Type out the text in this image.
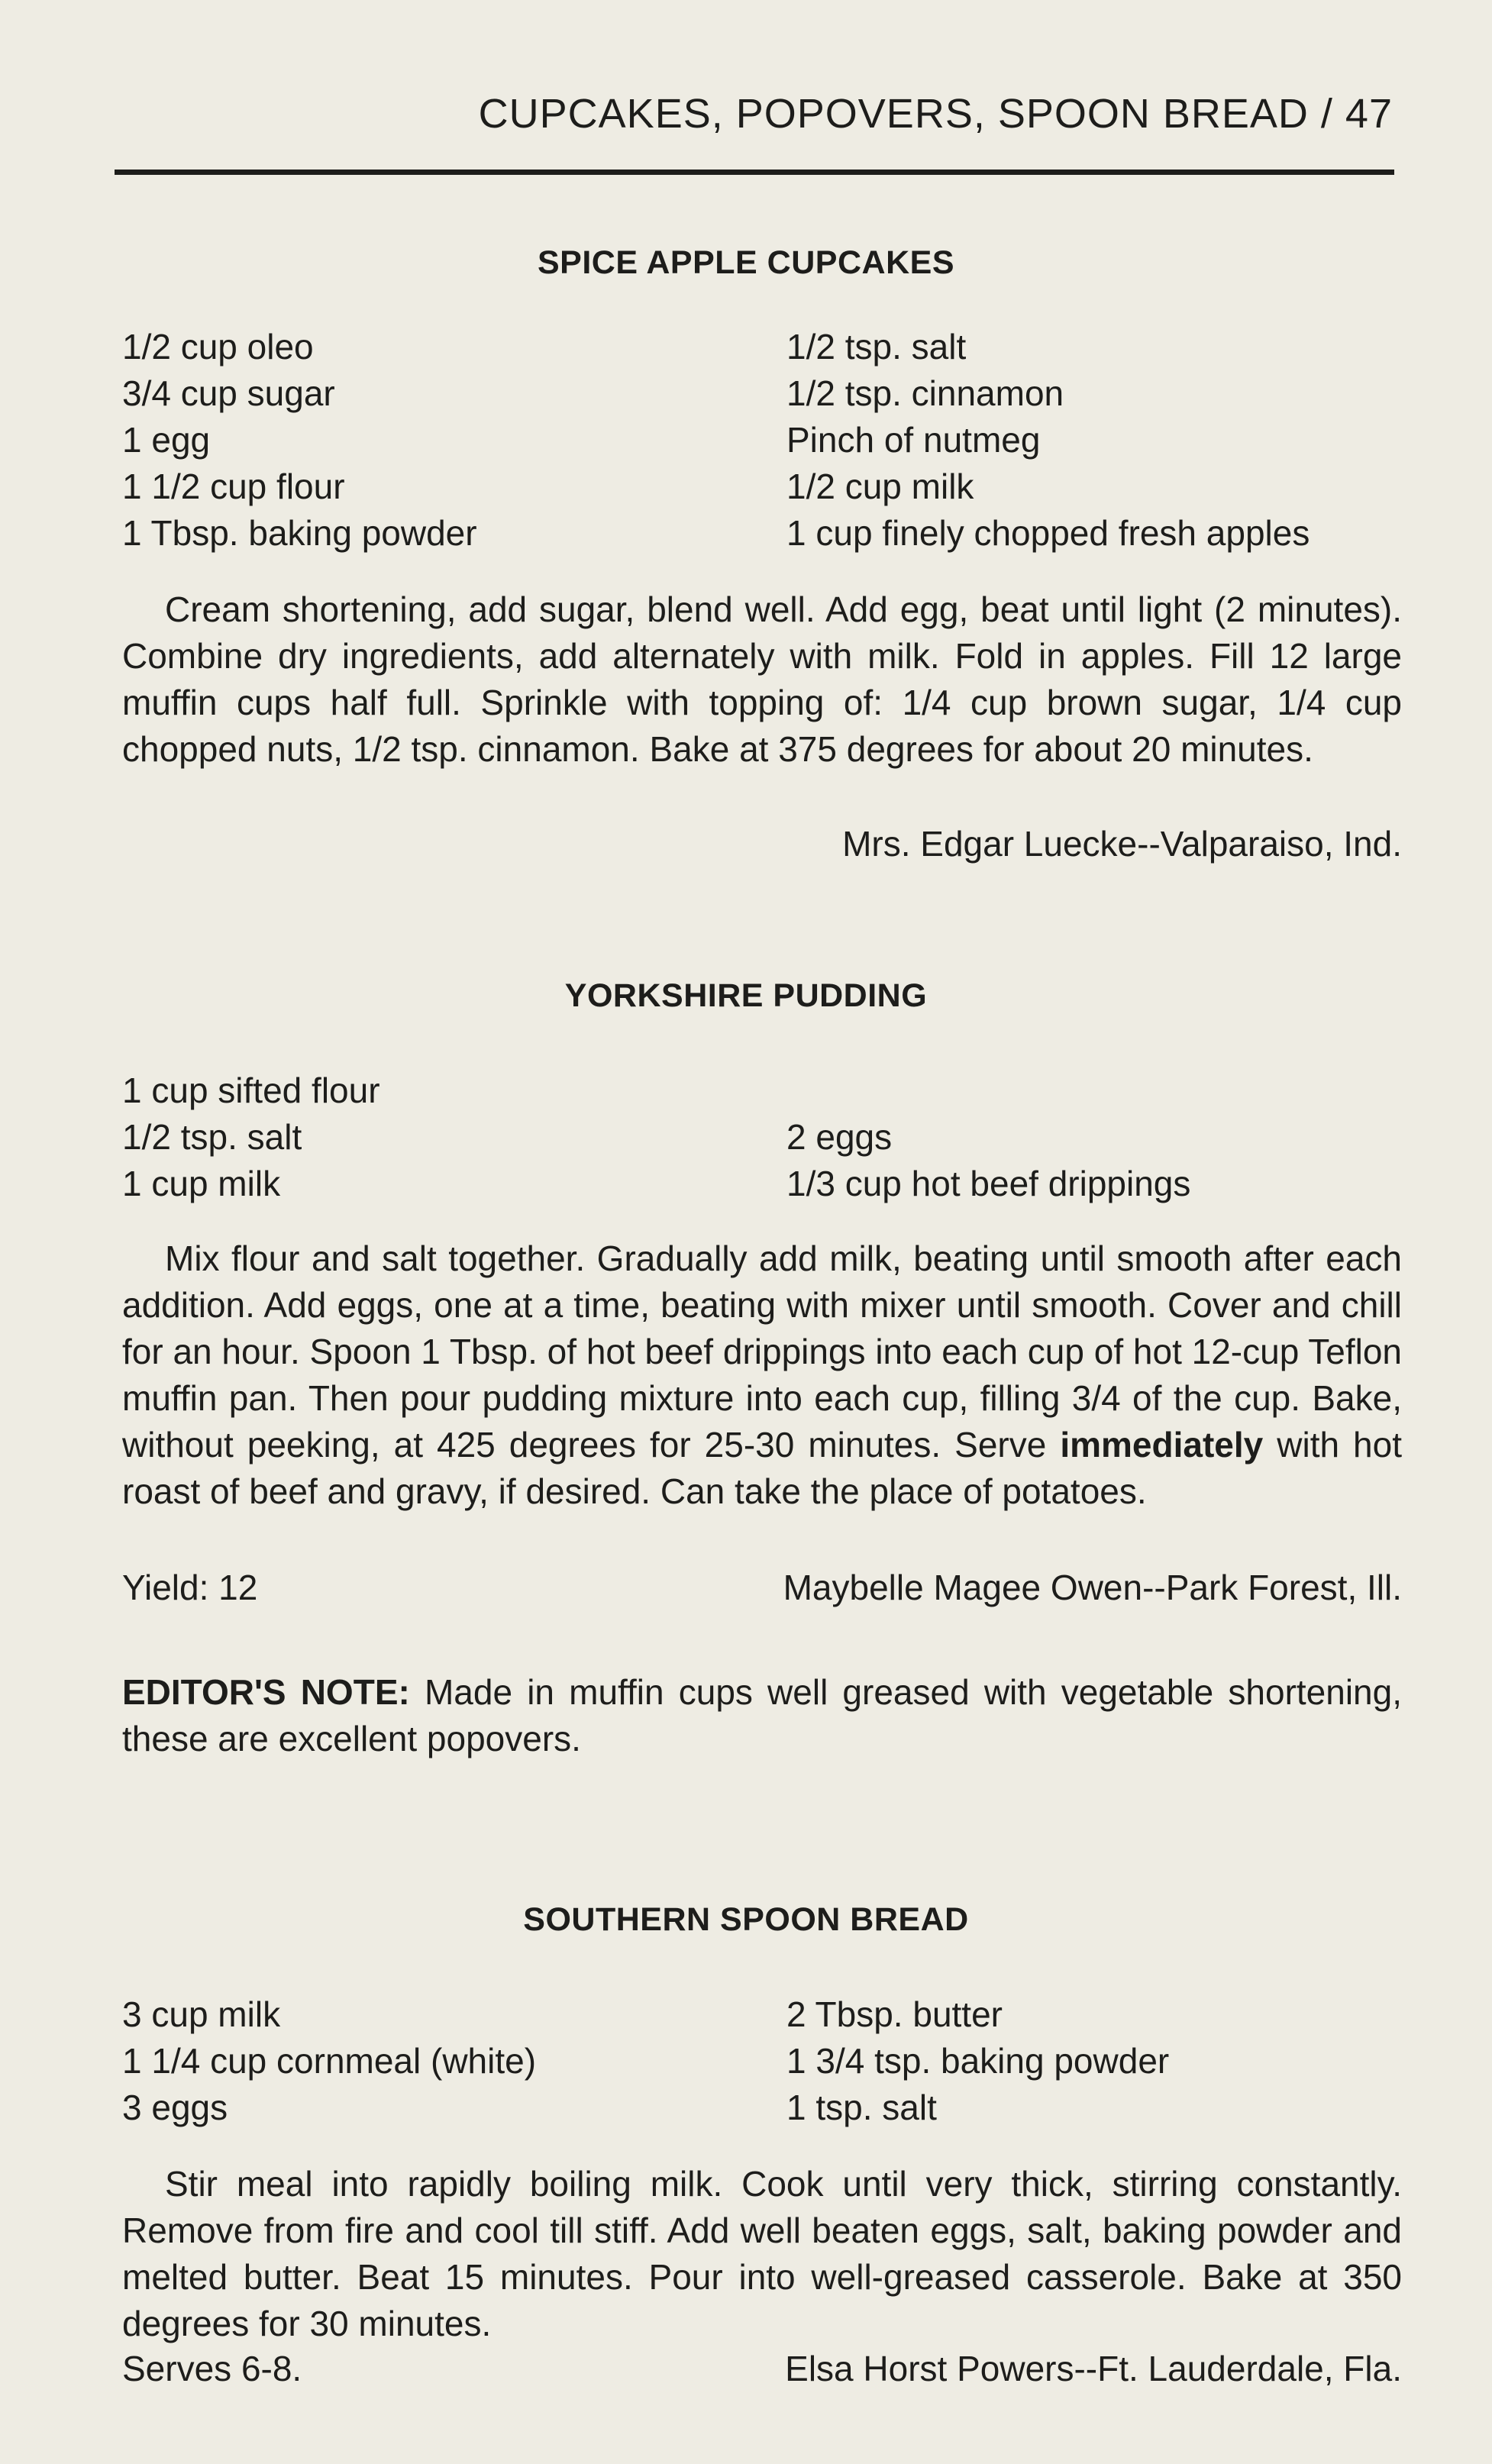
CUPCAKES, POPOVERS, SPOON BREAD / 47
SPICE APPLE CUPCAKES
1/2 cup oleo
3/4 cup sugar
1 egg
1 1/2 cup flour
1 Tbsp. baking powder
1/2 tsp. salt
1/2 tsp. cinnamon
Pinch of nutmeg
1/2 cup milk
1 cup finely chopped fresh apples

Cream shortening, add sugar, blend well. Add egg, beat until light (2 minutes). Combine dry ingredients, add alternately with milk. Fold in apples. Fill 12 large muffin cups half full. Sprinkle with topping of: 1/4 cup brown sugar, 1/4 cup chopped nuts, 1/2 tsp. cinnamon. Bake at 375 degrees for about 20 minutes.

Mrs. Edgar Luecke--Valparaiso, Ind.
YORKSHIRE PUDDING
1 cup sifted flour
1/2 tsp. salt
1 cup milk
2 eggs
1/3 cup hot beef drippings

Mix flour and salt together. Gradually add milk, beating until smooth after each addition. Add eggs, one at a time, beating with mixer until smooth. Cover and chill for an hour. Spoon 1 Tbsp. of hot beef drippings into each cup of hot 12-cup Teflon muffin pan. Then pour pudding mixture into each cup, filling 3/4 of the cup. Bake, without peeking, at 425 degrees for 25-30 minutes. Serve immediately with hot roast of beef and gravy, if desired. Can take the place of potatoes.

Yield: 12	Maybelle Magee Owen--Park Forest, Ill.

EDITOR'S NOTE: Made in muffin cups well greased with vegetable shortening, these are excellent popovers.

SOUTHERN SPOON BREAD
3 cup milk
1 1/4 cup cornmeal (white)
3 eggs
2 Tbsp. butter
1 3/4 tsp. baking powder
1 tsp. salt

Stir meal into rapidly boiling milk. Cook until very thick, stirring constantly. Remove from fire and cool till stiff. Add well beaten eggs, salt, baking powder and melted butter. Beat 15 minutes. Pour into well-greased casserole. Bake at 350 degrees for 30 minutes.

Serves 6-8.	Elsa Horst Powers--Ft. Lauderdale, Fla.
